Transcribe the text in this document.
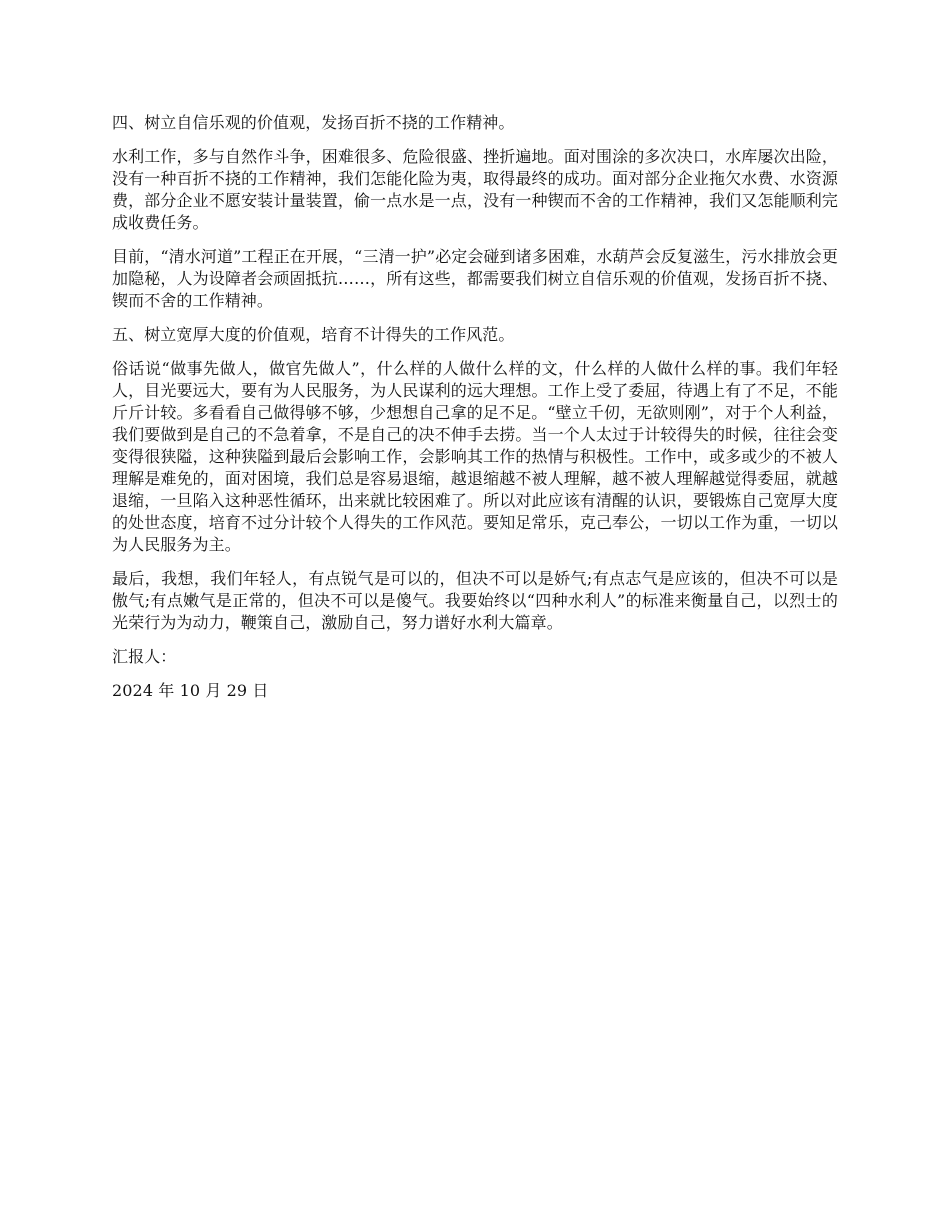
四、树立自信乐观的价值观，发扬百折不挠的工作精神。

水利工作，多与自然作斗争，困难很多、危险很盛、挫折遍地。面对围涂的多次决口，水库屡次出险，没有一种百折不挠的工作精神，我们怎能化险为夷，取得最终的成功。面对部分企业拖欠水费、水资源费，部分企业不愿安装计量装置，偷一点水是一点，没有一种锲而不舍的工作精神，我们又怎能顺利完成收费任务。

目前，“清水河道”工程正在开展，“三清一护”必定会碰到诸多困难，水葫芦会反复滋生，污水排放会更加隐秘，人为设障者会顽固抵抗……，所有这些，都需要我们树立自信乐观的价值观，发扬百折不挠、锲而不舍的工作精神。

五、树立宽厚大度的价值观，培育不计得失的工作风范。

俗话说“做事先做人，做官先做人”，什么样的人做什么样的文，什么样的人做什么样的事。我们年轻人，目光要远大，要有为人民服务，为人民谋利的远大理想。工作上受了委屈，待遇上有了不足，不能斤斤计较。多看看自己做得够不够，少想想自己拿的足不足。“壁立千仞，无欲则刚”，对于个人利益，我们要做到是自己的不急着拿，不是自己的决不伸手去捞。当一个人太过于计较得失的时候，往往会变变得很狭隘，这种狭隘到最后会影响工作，会影响其工作的热情与积极性。工作中，或多或少的不被人理解是难免的，面对困境，我们总是容易退缩，越退缩越不被人理解，越不被人理解越觉得委屈，就越退缩，一旦陷入这种恶性循环，出来就比较困难了。所以对此应该有清醒的认识，要锻炼自己宽厚大度的处世态度，培育不过分计较个人得失的工作风范。要知足常乐，克己奉公，一切以工作为重，一切以为人民服务为主。

最后，我想，我们年轻人，有点锐气是可以的，但决不可以是娇气;有点志气是应该的，但决不可以是傲气;有点嫩气是正常的，但决不可以是傻气。我要始终以“四种水利人”的标准来衡量自己，以烈士的光荣行为为动力，鞭策自己，激励自己，努力谱好水利大篇章。

汇报人：

2024 年 10 月 29 日
